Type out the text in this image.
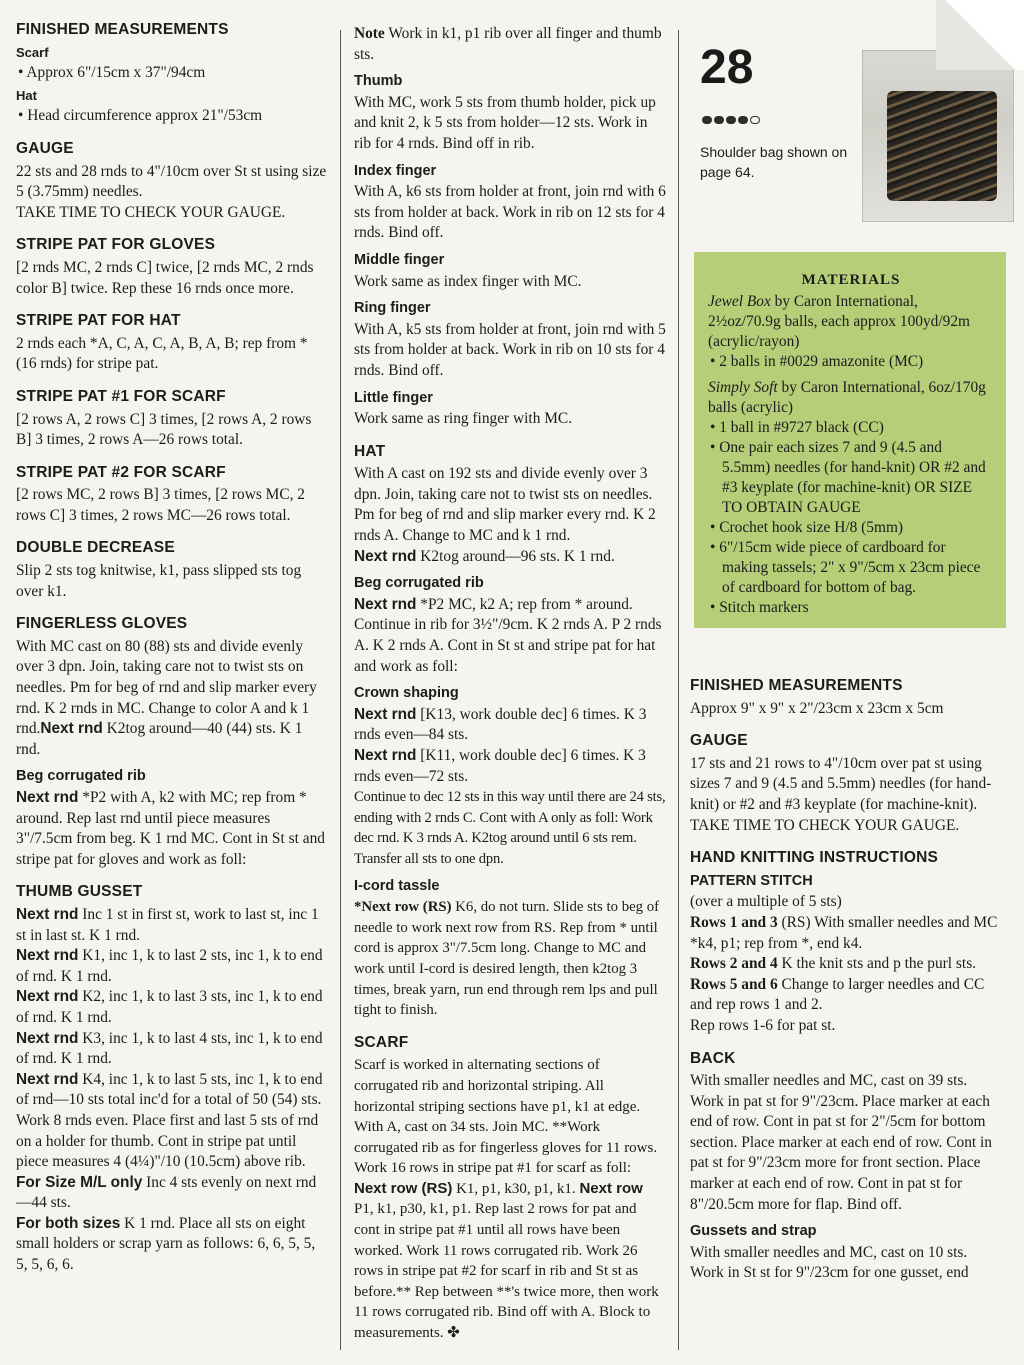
FINISHED MEASUREMENTS
Scarf
• Approx 6"/15cm x 37"/94cm
Hat
• Head circumference approx 21"/53cm
GAUGE

22 sts and 28 rnds to 4"/10cm over St st using size 5 (3.75mm) needles.

TAKE TIME TO CHECK YOUR GAUGE.

STRIPE PAT FOR GLOVES

[2 rnds MC, 2 rnds C] twice, [2 rnds MC, 2 rnds color B] twice. Rep these 16 rnds once more.

STRIPE PAT FOR HAT

2 rnds each *A, C, A, C, A, B, A, B; rep from * (16 rnds) for stripe pat.

STRIPE PAT #1 FOR SCARF

[2 rows A, 2 rows C] 3 times, [2 rows A, 2 rows B] 3 times, 2 rows A—26 rows total.

STRIPE PAT #2 FOR SCARF

[2 rows MC, 2 rows B] 3 times, [2 rows MC, 2 rows C] 3 times, 2 rows MC—26 rows total.

DOUBLE DECREASE

Slip 2 sts tog knitwise, k1, pass slipped sts tog over k1.

FINGERLESS GLOVES

With MC cast on 80 (88) sts and divide evenly over 3 dpn. Join, taking care not to twist sts on needles. Pm for beg of rnd and slip marker every rnd. K 2 rnds in MC. Change to color A and k 1 rnd.Next rnd K2tog around—40 (44) sts. K 1 rnd.

Beg corrugated rib

Next rnd *P2 with A, k2 with MC; rep from * around. Rep last rnd until piece measures 3"/7.5cm from beg. K 1 rnd MC. Cont in St st and stripe pat for gloves and work as foll:

THUMB GUSSET

Next rnd Inc 1 st in first st, work to last st, inc 1 st in last st. K 1 rnd.

Next rnd K1, inc 1, k to last 2 sts, inc 1, k to end of rnd. K 1 rnd.

Next rnd K2, inc 1, k to last 3 sts, inc 1, k to end of rnd. K 1 rnd.

Next rnd K3, inc 1, k to last 4 sts, inc 1, k to end of rnd. K 1 rnd.

Next rnd K4, inc 1, k to last 5 sts, inc 1, k to end of rnd—10 sts total inc'd for a total of 50 (54) sts. Work 8 rnds even. Place first and last 5 sts of rnd on a holder for thumb. Cont in stripe pat until piece measures 4 (4¼)"/10 (10.5cm) above rib.

For Size M/L only Inc 4 sts evenly on next rnd—44 sts.

For both sizes K 1 rnd. Place all sts on eight small holders or scrap yarn as follows: 6, 6, 5, 5, 5, 5, 6, 6.

Note Work in k1, p1 rib over all finger and thumb sts.

Thumb

With MC, work 5 sts from thumb holder, pick up and knit 2, k 5 sts from holder—12 sts. Work in rib for 4 rnds. Bind off in rib.

Index finger

With A, k6 sts from holder at front, join rnd with 6 sts from holder at back. Work in rib on 12 sts for 4 rnds. Bind off.

Middle finger

Work same as index finger with MC.

Ring finger

With A, k5 sts from holder at front, join rnd with 5 sts from holder at back. Work in rib on 10 sts for 4 rnds. Bind off.

Little finger

Work same as ring finger with MC.

HAT

With A cast on 192 sts and divide evenly over 3 dpn. Join, taking care not to twist sts on needles. Pm for beg of rnd and slip marker every rnd. K 2 rnds A. Change to MC and k 1 rnd.

Next rnd K2tog around—96 sts. K 1 rnd.

Beg corrugated rib

Next rnd *P2 MC, k2 A; rep from * around. Continue in rib for 3½"/9cm. K 2 rnds A. P 2 rnds A. K 2 rnds A. Cont in St st and stripe pat for hat and work as foll:

Crown shaping

Next rnd [K13, work double dec] 6 times. K 3 rnds even—84 sts.

Next rnd [K11, work double dec] 6 times. K 3 rnds even—72 sts.

Continue to dec 12 sts in this way until there are 24 sts, ending with 2 rnds C. Cont with A only as foll: Work dec rnd. K 3 rnds A. K2tog around until 6 sts rem. Transfer all sts to one dpn.

I-cord tassle

*Next row (RS) K6, do not turn. Slide sts to beg of needle to work next row from RS. Rep from * until cord is approx 3"/7.5cm long. Change to MC and work until I-cord is desired length, then k2tog 3 times, break yarn, run end through rem lps and pull tight to finish.

SCARF

Scarf is worked in alternating sections of corrugated rib and horizontal striping. All horizontal striping sections have p1, k1 at edge. With A, cast on 34 sts. Join MC. **Work corrugated rib as for fingerless gloves for 11 rows. Work 16 rows in stripe pat #1 for scarf as foll: Next row (RS) K1, p1, k30, p1, k1. Next row P1, k1, p30, k1, p1. Rep last 2 rows for pat and cont in stripe pat #1 until all rows have been worked. Work 11 rows corrugated rib. Work 26 rows in stripe pat #2 for scarf in rib and St st as before.** Rep between **'s twice more, then work 11 rows corrugated rib. Bind off with A. Block to measurements. ✤

28
Shoulder bag shown on page 64.
MATERIALS

Jewel Box by Caron International, 2½oz/70.9g balls, each approx 100yd/92m (acrylic/rayon)

• 2 balls in #0029 amazonite (MC)

Simply Soft by Caron International, 6oz/170g balls (acrylic)

• 1 ball in #9727 black (CC)
• One pair each sizes 7 and 9 (4.5 and 5.5mm) needles (for hand-knit) OR #2 and #3 keyplate (for machine-knit) OR SIZE TO OBTAIN GAUGE
• Crochet hook size H/8 (5mm)
• 6"/15cm wide piece of cardboard for making tassels; 2" x 9"/5cm x 23cm piece of cardboard for bottom of bag.
• Stitch markers
FINISHED MEASUREMENTS

Approx 9" x 9" x 2"/23cm x 23cm x 5cm

GAUGE

17 sts and 21 rows to 4"/10cm over pat st using sizes 7 and 9 (4.5 and 5.5mm) needles (for hand-knit) or #2 and #3 keyplate (for machine-knit).

TAKE TIME TO CHECK YOUR GAUGE.

HAND KNITTING INSTRUCTIONS
PATTERN STITCH

(over a multiple of 5 sts)

Rows 1 and 3 (RS) With smaller needles and MC *k4, p1; rep from *, end k4.

Rows 2 and 4 K the knit sts and p the purl sts.

Rows 5 and 6 Change to larger needles and CC and rep rows 1 and 2.

Rep rows 1-6 for pat st.

BACK

With smaller needles and MC, cast on 39 sts. Work in pat st for 9"/23cm. Place marker at each end of row. Cont in pat st for 2"/5cm for bottom section. Place marker at each end of row. Cont in pat st for 9"/23cm more for front section. Place marker at each end of row. Cont in pat st for 8"/20.5cm more for flap. Bind off.

Gussets and strap

With smaller needles and MC, cast on 10 sts. Work in St st for 9"/23cm for one gusset, end
